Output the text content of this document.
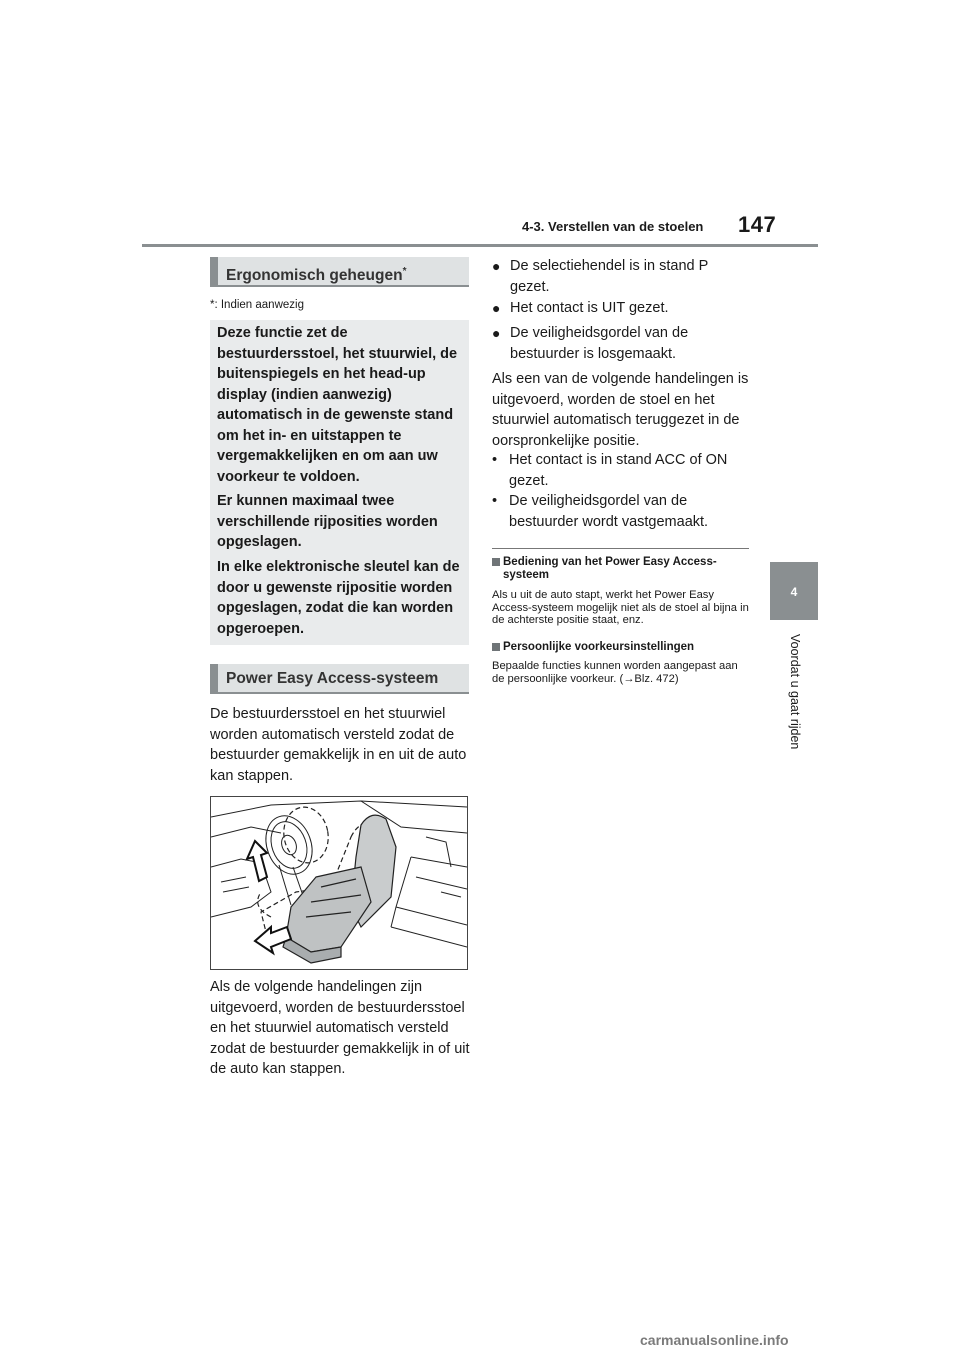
4-3. Verstellen van de stoelen 147
4
Voordat u gaat rijden
Ergonomisch geheugen*
*: Indien aanwezig

Deze functie zet de bestuurdersstoel, het stuurwiel, de buitenspiegels en het head-up display (indien aanwezig) automatisch in de gewenste stand om het in- en uitstappen te vergemakkelijken en om aan uw voorkeur te voldoen.

Er kunnen maximaal twee verschillende rijposities worden opgeslagen.

In elke elektronische sleutel kan de door u gewenste rijpositie worden opgeslagen, zodat die kan worden opgeroepen.

Power Easy Access-systeem

De bestuurdersstoel en het stuurwiel worden automatisch versteld zodat de bestuurder gemakkelijk in en uit de auto kan stappen.

Als de volgende handelingen zijn uitgevoerd, worden de bestuurdersstoel en het stuurwiel automatisch versteld zodat de bestuurder gemakkelijk in of uit de auto kan stappen.

● De selectiehendel is in stand P gezet.
● Het contact is UIT gezet.
● De veiligheidsgordel van de bestuurder is losgemaakt.

Als een van de volgende handelingen is uitgevoerd, worden de stoel en het stuurwiel automatisch teruggezet in de oorspronkelijke positie.

• Het contact is in stand ACC of ON gezet.
• De veiligheidsgordel van de bestuurder wordt vastgemaakt.
Bediening van het Power Easy Access-systeem
Als u uit de auto stapt, werkt het Power Easy Access-systeem mogelijk niet als de stoel al bijna in de achterste positie staat, enz.
Persoonlijke voorkeursinstellingen
Bepaalde functies kunnen worden aangepast aan de persoonlijke voorkeur. (→Blz. 472)
carmanualsonline.info
